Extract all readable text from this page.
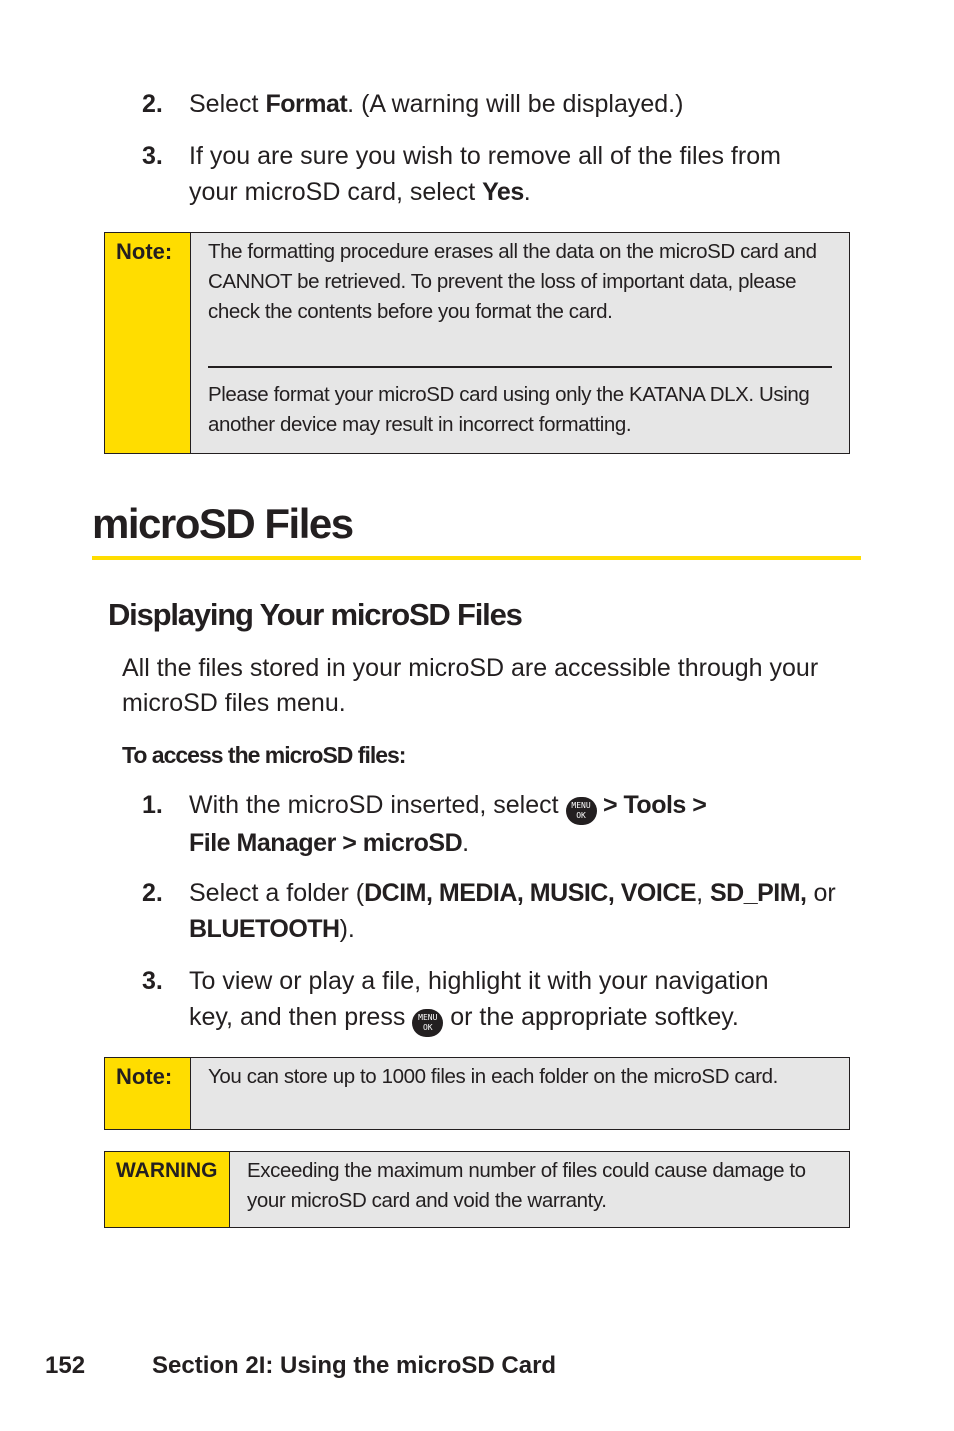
2. Select Format. (A warning will be displayed.)
3. If you are sure you wish to remove all of the files from
your microSD card, select Yes.
Note: The formatting procedure erases all the data on the microSD card and CANNOT be retrieved. To prevent the loss of important data, please check the contents before you format the card.
Please format your microSD card using only the KATANA DLX. Using another device may result in incorrect formatting.
microSD Files
Displaying Your microSD Files
All the files stored in your microSD are accessible through your microSD files menu.
To access the microSD files:
1. With the microSD inserted, select MENU
OK > Tools >
File Manager > microSD.
2. Select a folder (DCIM, MEDIA, MUSIC, VOICE, SD_PIM, or
BLUETOOTH).
3. To view or play a file, highlight it with your navigation
key, and then press MENU
OK or the appropriate softkey.
Note: You can store up to 1000 files in each folder on the microSD card.
WARNING Exceeding the maximum number of files could cause damage to your microSD card and void the warranty.
152	Section 2I: Using the microSD Card
